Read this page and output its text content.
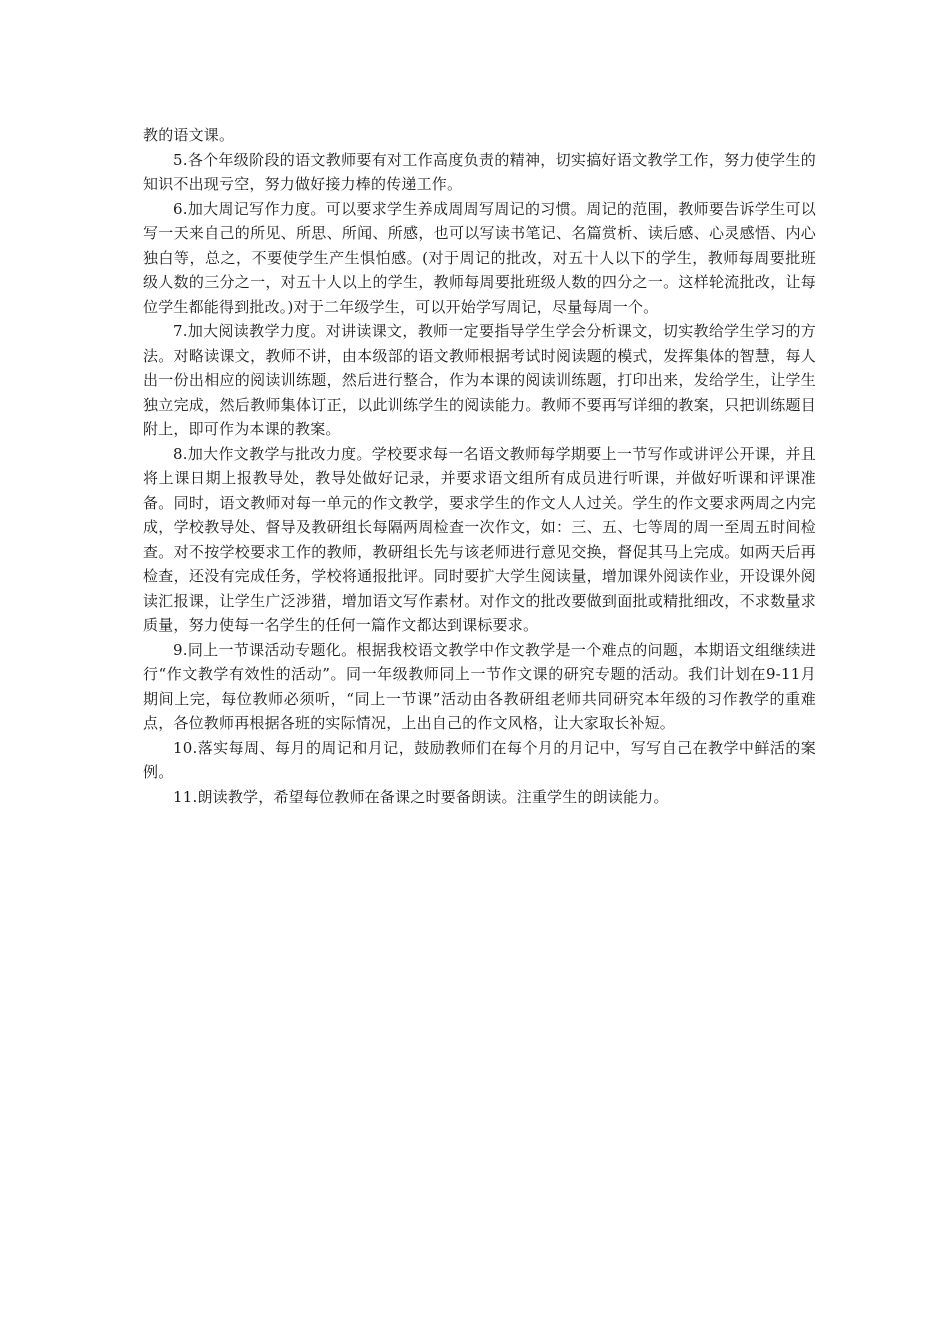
教的语文课。

5.各个年级阶段的语文教师要有对工作高度负责的精神，切实搞好语文教学工作，努力使学生的知识不出现亏空，努力做好接力棒的传递工作。

6.加大周记写作力度。可以要求学生养成周周写周记的习惯。周记的范围，教师要告诉学生可以写一天来自己的所见、所思、所闻、所感，也可以写读书笔记、名篇赏析、读后感、心灵感悟、内心独白等，总之，不要使学生产生惧怕感。(对于周记的批改，对五十人以下的学生，教师每周要批班级人数的三分之一，对五十人以上的学生，教师每周要批班级人数的四分之一。这样轮流批改，让每位学生都能得到批改。)对于二年级学生，可以开始学写周记，尽量每周一个。

7.加大阅读教学力度。对讲读课文，教师一定要指导学生学会分析课文，切实教给学生学习的方法。对略读课文，教师不讲，由本级部的语文教师根据考试时阅读题的模式，发挥集体的智慧，每人出一份出相应的阅读训练题，然后进行整合，作为本课的阅读训练题，打印出来，发给学生，让学生独立完成，然后教师集体订正，以此训练学生的阅读能力。教师不要再写详细的教案，只把训练题目附上，即可作为本课的教案。

8.加大作文教学与批改力度。学校要求每一名语文教师每学期要上一节写作或讲评公开课，并且将上课日期上报教导处，教导处做好记录，并要求语文组所有成员进行听课，并做好听课和评课准备。同时，语文教师对每一单元的作文教学，要求学生的作文人人过关。学生的作文要求两周之内完成，学校教导处、督导及教研组长每隔两周检查一次作文，如：三、五、七等周的周一至周五时间检查。对不按学校要求工作的教师，教研组长先与该老师进行意见交换，督促其马上完成。如两天后再检查，还没有完成任务，学校将通报批评。同时要扩大学生阅读量，增加课外阅读作业，开设课外阅读汇报课，让学生广泛涉猎，增加语文写作素材。对作文的批改要做到面批或精批细改，不求数量求质量，努力使每一名学生的任何一篇作文都达到课标要求。

9.同上一节课活动专题化。根据我校语文教学中作文教学是一个难点的问题，本期语文组继续进行“作文教学有效性的活动”。同一年级教师同上一节作文课的研究专题的活动。我们计划在9-11月期间上完，每位教师必须听，“同上一节课”活动由各教研组老师共同研究本年级的习作教学的重难点，各位教师再根据各班的实际情况，上出自己的作文风格，让大家取长补短。

10.落实每周、每月的周记和月记，鼓励教师们在每个月的月记中，写写自己在教学中鲜活的案例。

11.朗读教学，希望每位教师在备课之时要备朗读。注重学生的朗读能力。
